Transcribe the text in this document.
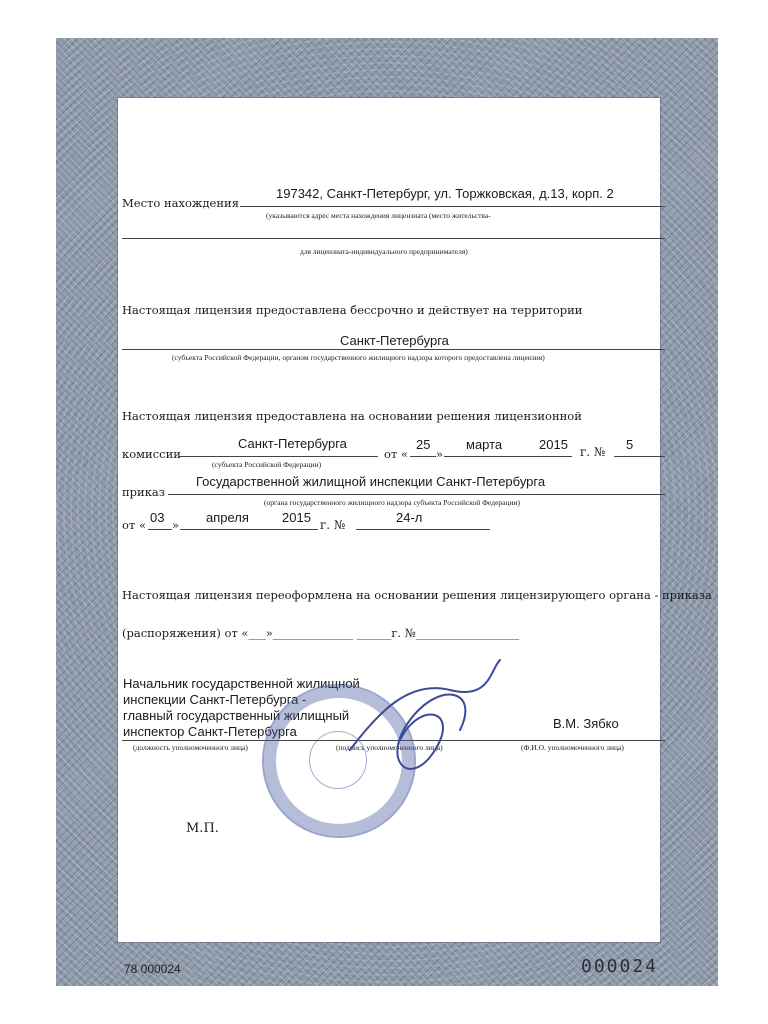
Место нахождения
197342, Санкт-Петербург, ул. Торжковская, д.13, корп. 2
(указываются адрес места нахождения лицензиата (место жительства-
для лицензиата-индивидуального предпринимателя)
Настоящая лицензия предоставлена бессрочно и действует на территории
Санкт-Петербурга
(субъекта Российской Федерации, органом государственного жилищного надзора которого предоставлена лицензия)
Настоящая лицензия предоставлена на основании решения лицензионной
комиссии
Санкт-Петербурга
(субъекта Российской Федерации)
от «
25
»
марта	2015 г. № 5
приказ
Государственной жилищной инспекции Санкт-Петербурга
(органа государственного жилищного надзора субъекта Российской Федерации)
от « 03 » апреля	2015 г. №	24-л
Настоящая лицензия переоформлена на основании решения лицензирующего органа - приказа
(распоряжения) от «___»______________ ______г. №__________________
Начальник государственной жилищной
инспекции Санкт-Петербурга -
главный государственный жилищный
инспектор Санкт-Петербурга
В.М. Зябко
(должность уполномоченного лица)	(подпись уполномоченного лица)	(Ф.И.О. уполномоченного лица)
М.П.
78 000024	000024
